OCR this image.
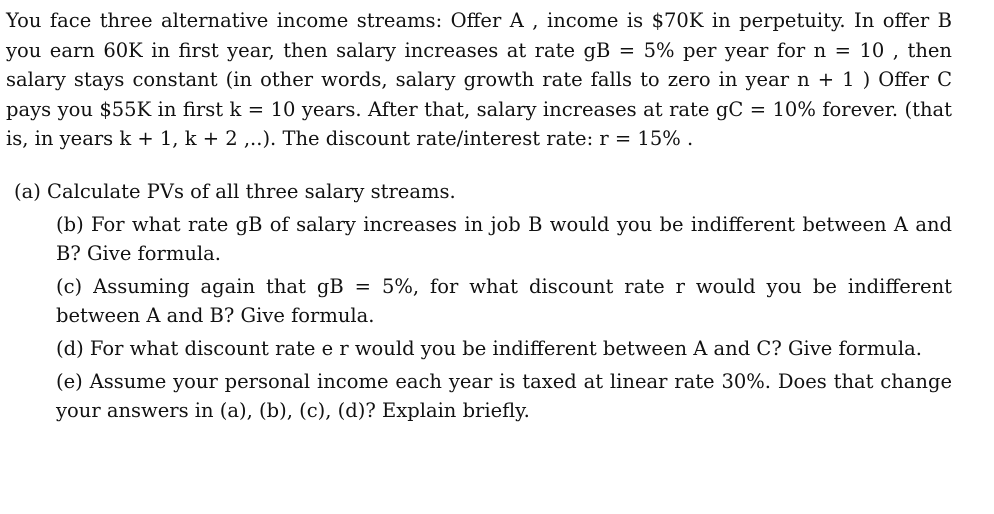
You face three alternative income streams: Offer A , income is $70K in perpetuity. In offer B you earn 60K in first year, then salary increases at rate gB = 5% per year for n = 10 , then salary stays constant (in other words, salary growth rate falls to zero in year n + 1 ) Offer C pays you $55K in first k = 10 years. After that, salary increases at rate gC = 10% forever. (that is, in years k + 1, k + 2 ,..). The discount rate/interest rate: r = 15% .

(a) Calculate PVs of all three salary streams.

(b) For what rate gB of salary increases in job B would you be indifferent between A and B? Give formula.

(c) Assuming again that gB = 5%, for what discount rate r would you be indifferent between A and B? Give formula.

(d) For what discount rate e r would you be indifferent between A and C? Give formula.

(e) Assume your personal income each year is taxed at linear rate 30%. Does that change your answers in (a), (b), (c), (d)? Explain briefly.
